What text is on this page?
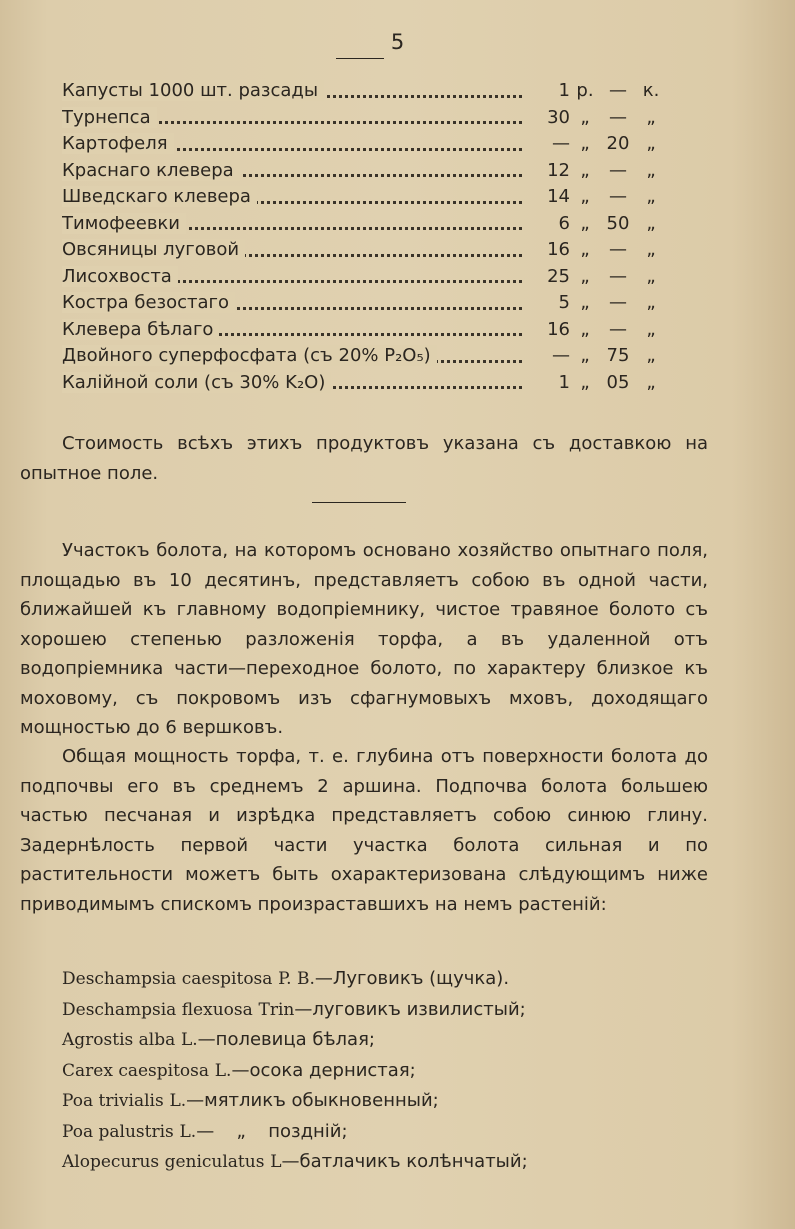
5
Капусты 1000 шт. разсады	1 р. — к.
Турнепса	30 „	—	„
Картофеля	— „ 20 „
Краснаго клевера	12 „	—	„
Шведскаго клевера	14 „	—	„
Тимофеевки	6 „ 50 „
Овсяницы луговой	16 „	—	„
Лисохвоста	25 „	—	„
Костра безостаго	5 „	—	„
Клевера бѣлаго	16 „	—	„
Двойного суперфосфата (съ 20% P₂O₅)	— „ 75 „
Калійной соли (съ 30% K₂O)	1 „ 05 „

Стоимость всѣхъ этихъ продуктовъ указана съ доставкою на опытное поле.

Участокъ болота, на которомъ основано хозяйство опытнаго поля, площадью въ 10 десятинъ, представляетъ собою въ одной части, ближайшей къ главному водопріемнику, чистое травяное болото съ хорошею степенью разложенія торфа, а въ удаленной отъ водопріемника части—переходное болото, по характеру близкое къ моховому, съ покровомъ изъ сфагнумовыхъ мховъ, доходящаго мощностью до 6 вершковъ.

Общая мощность торфа, т. е. глубина отъ поверхности болота до подпочвы его въ среднемъ 2 аршина. Подпочва болота большею частью песчаная и изрѣдка представляетъ собою синюю глину. Задернѣлость первой части участка болота сильная и по растительности можетъ быть охарактеризована слѣдующимъ ниже приводимымъ спискомъ произраставшихъ на немъ растеній:

Deschampsia caespitosa P. B.—Луговикъ (щучка).
Deschampsia flexuosa Trin—луговикъ извилистый;
Agrostis alba L.—полевица бѣлая;
Carex caespitosa L.—осока дернистая;
Poa trivialis L.—мятликъ обыкновенный;
Poa palustris L.— „ поздній;
Alopecurus geniculatus L—батлачикъ колѣнчатый;
